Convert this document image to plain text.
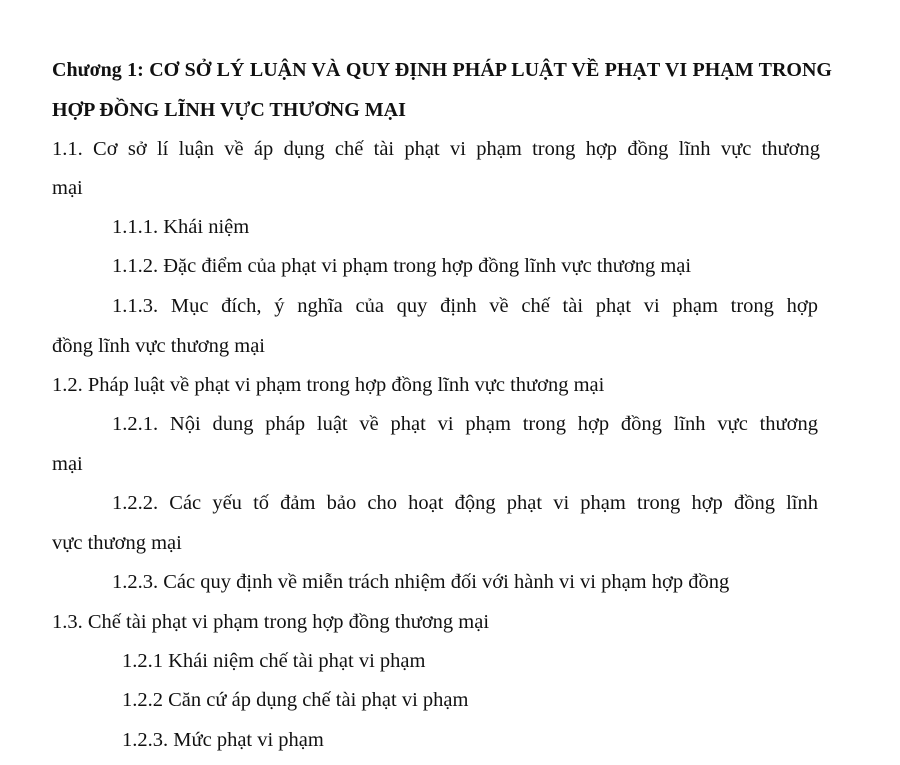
Chương 1: CƠ SỞ LÝ LUẬN VÀ QUY ĐỊNH PHÁP LUẬT VỀ PHẠT VI PHẠM TRONG HỢP ĐỒNG LĨNH VỰC THƯƠNG MẠI
1.1. Cơ sở lí luận về áp dụng chế tài phạt vi phạm trong hợp đồng lĩnh vực thương
mại
1.1.1. Khái niệm
1.1.2. Đặc điểm của phạt vi phạm trong hợp đồng lĩnh vực thương mại
1.1.3. Mục đích, ý nghĩa của quy định về chế tài phạt vi phạm trong hợp
đồng lĩnh vực thương mại
1.2. Pháp luật về phạt vi phạm trong hợp đồng lĩnh vực thương mại
1.2.1. Nội dung pháp luật về phạt vi phạm trong hợp đồng lĩnh vực thương
mại
1.2.2. Các yếu tố đảm bảo cho hoạt động phạt vi phạm trong hợp đồng lĩnh
vực thương mại
1.2.3. Các quy định về miễn trách nhiệm đối với hành vi vi phạm hợp đồng
1.3. Chế tài phạt vi phạm trong hợp đồng thương mại
1.2.1 Khái niệm chế tài phạt vi phạm
1.2.2 Căn cứ áp dụng chế tài phạt vi phạm
1.2.3. Mức phạt vi phạm
